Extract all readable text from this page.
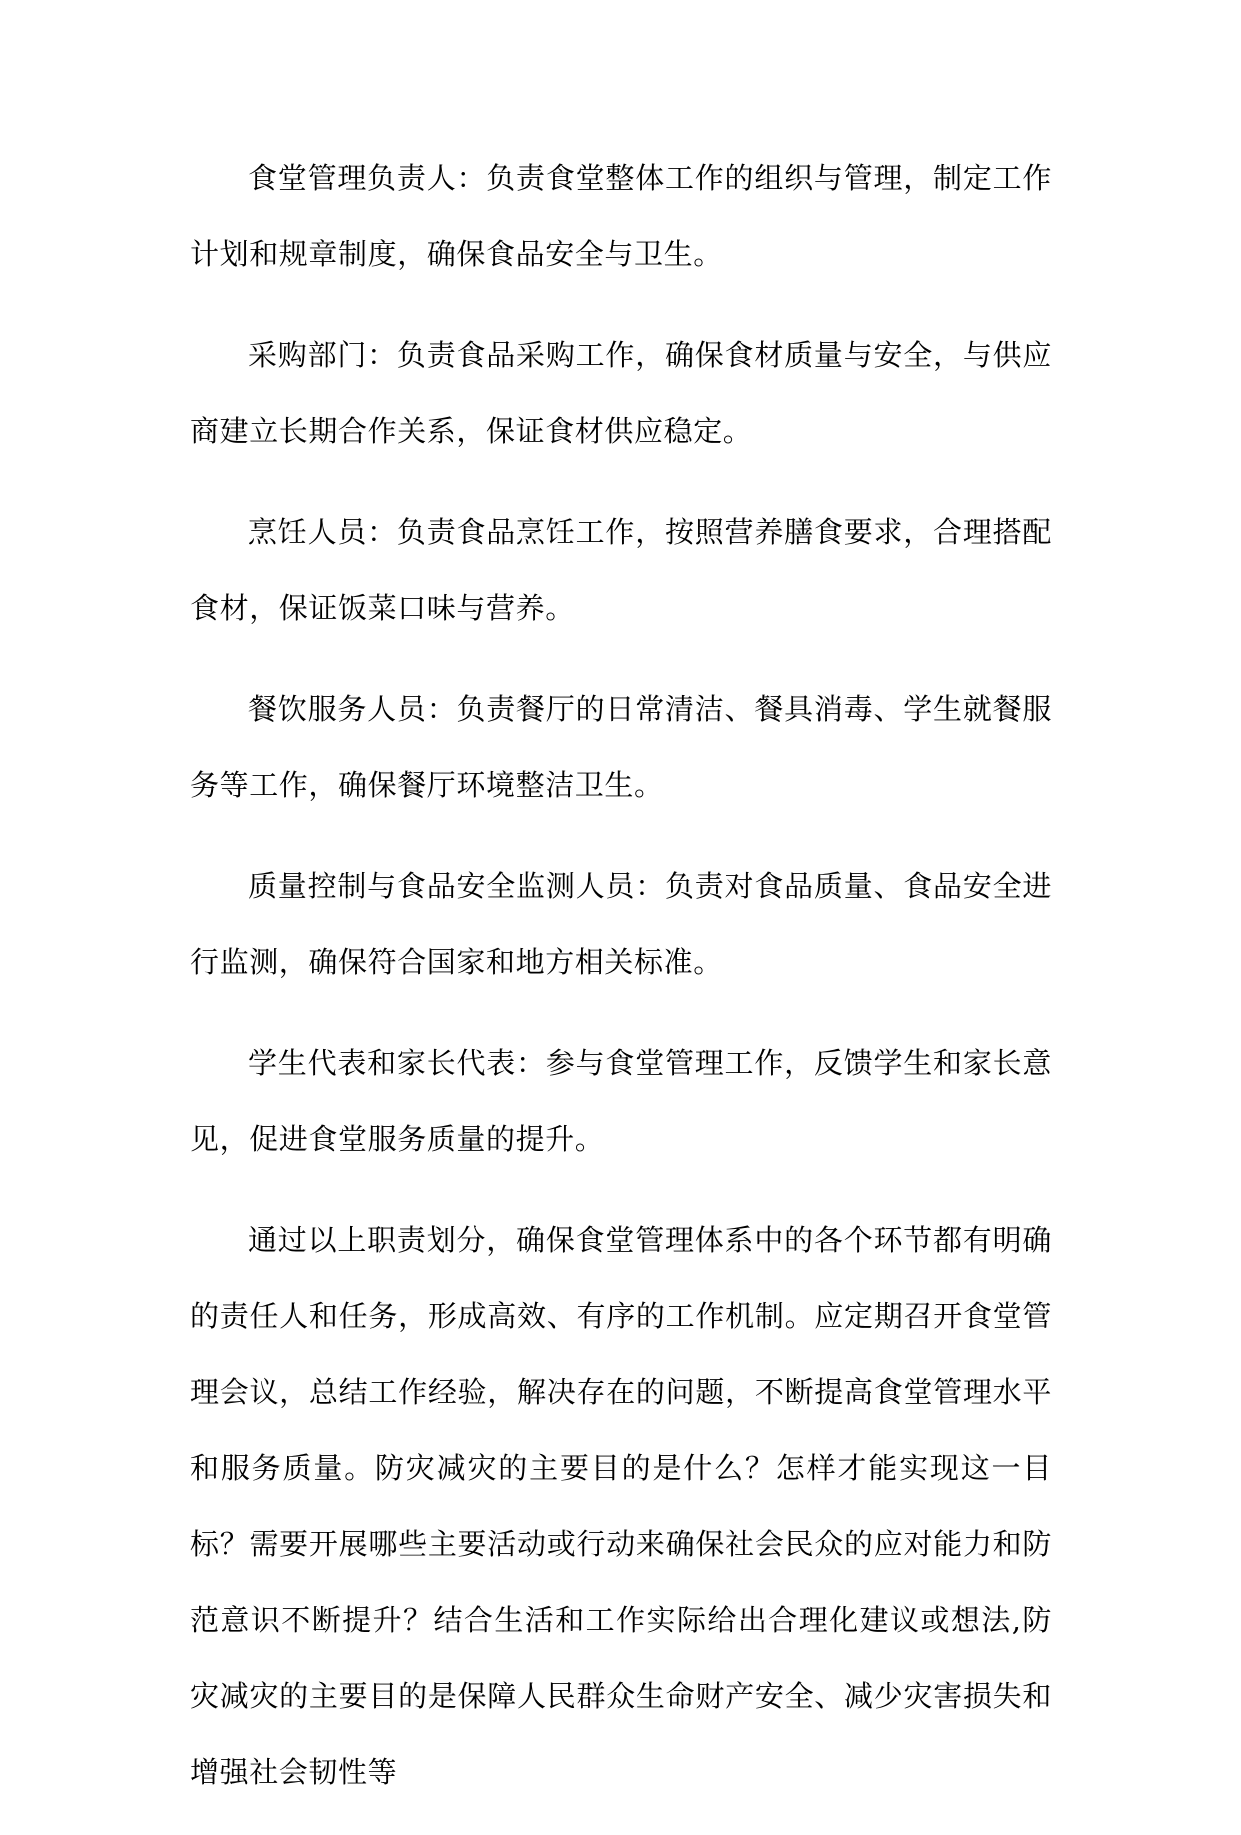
食堂管理负责人：负责食堂整体工作的组织与管理，制定工作计划和规章制度，确保食品安全与卫生。

采购部门：负责食品采购工作，确保食材质量与安全，与供应商建立长期合作关系，保证食材供应稳定。

烹饪人员：负责食品烹饪工作，按照营养膳食要求，合理搭配食材，保证饭菜口味与营养。

餐饮服务人员：负责餐厅的日常清洁、餐具消毒、学生就餐服务等工作，确保餐厅环境整洁卫生。

质量控制与食品安全监测人员：负责对食品质量、食品安全进行监测，确保符合国家和地方相关标准。

学生代表和家长代表：参与食堂管理工作，反馈学生和家长意见，促进食堂服务质量的提升。

通过以上职责划分，确保食堂管理体系中的各个环节都有明确的责任人和任务，形成高效、有序的工作机制。应定期召开食堂管理会议，总结工作经验，解决存在的问题，不断提高食堂管理水平和服务质量。防灾减灾的主要目的是什么？怎样才能实现这一目标？需要开展哪些主要活动或行动来确保社会民众的应对能力和防范意识不断提升？结合生活和工作实际给出合理化建议或想法,防灾减灾的主要目的是保障人民群众生命财产安全、减少灾害损失和增强社会韧性等
